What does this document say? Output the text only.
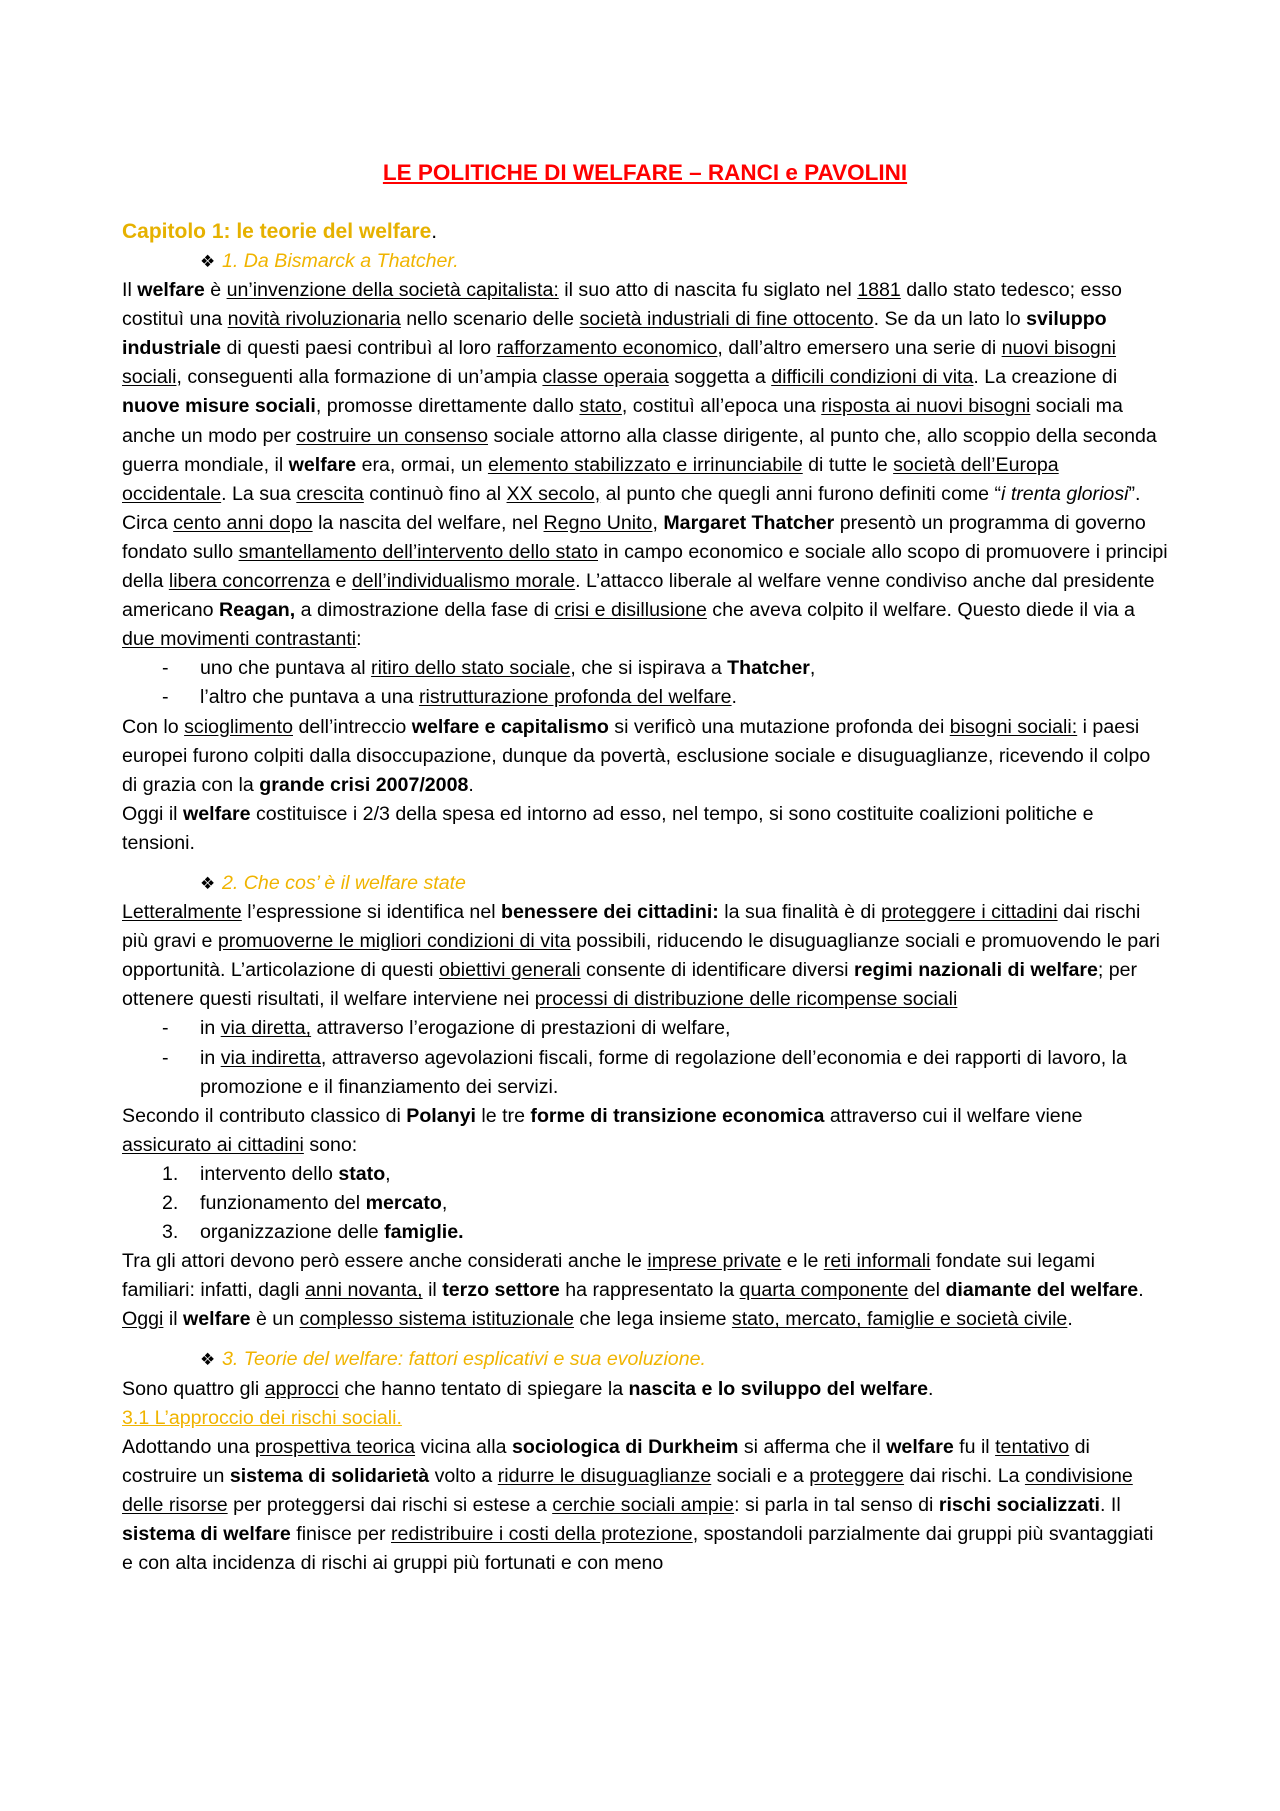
LE POLITICHE DI WELFARE – RANCI e PAVOLINI
Capitolo 1: le teorie del welfare.
❖ 1. Da Bismarck a Thatcher.

Il welfare è un’invenzione della società capitalista: il suo atto di nascita fu siglato nel 1881 dallo stato tedesco; esso costituì una novità rivoluzionaria nello scenario delle società industriali di fine ottocento. Se da un lato lo sviluppo industriale di questi paesi contribuì al loro rafforzamento economico, dall’altro emersero una serie di nuovi bisogni sociali, conseguenti alla formazione di un’ampia classe operaia soggetta a difficili condizioni di vita. La creazione di nuove misure sociali, promosse direttamente dallo stato, costituì all’epoca una risposta ai nuovi bisogni sociali ma anche un modo per costruire un consenso sociale attorno alla classe dirigente, al punto che, allo scoppio della seconda guerra mondiale, il welfare era, ormai, un elemento stabilizzato e irrinunciabile di tutte le società dell’Europa occidentale. La sua crescita continuò fino al XX secolo, al punto che quegli anni furono definiti come “i trenta gloriosi”.

Circa cento anni dopo la nascita del welfare, nel Regno Unito, Margaret Thatcher presentò un programma di governo fondato sullo smantellamento dell’intervento dello stato in campo economico e sociale allo scopo di promuovere i principi della libera concorrenza e dell’individualismo morale. L’attacco liberale al welfare venne condiviso anche dal presidente americano Reagan, a dimostrazione della fase di crisi e disillusione che aveva colpito il welfare. Questo diede il via a due movimenti contrastanti:

- uno che puntava al ritiro dello stato sociale, che si ispirava a Thatcher,
- l’altro che puntava a una ristrutturazione profonda del welfare.

Con lo scioglimento dell’intreccio welfare e capitalismo si verificò una mutazione profonda dei bisogni sociali: i paesi europei furono colpiti dalla disoccupazione, dunque da povertà, esclusione sociale e disuguaglianze, ricevendo il colpo di grazia con la grande crisi 2007/2008.

Oggi il welfare costituisce i 2/3 della spesa ed intorno ad esso, nel tempo, si sono costituite coalizioni politiche e tensioni.

❖ 2. Che cos’ è il welfare state

Letteralmente l’espressione si identifica nel benessere dei cittadini: la sua finalità è di proteggere i cittadini dai rischi più gravi e promuoverne le migliori condizioni di vita possibili, riducendo le disuguaglianze sociali e promuovendo le pari opportunità. L’articolazione di questi obiettivi generali consente di identificare diversi regimi nazionali di welfare; per ottenere questi risultati, il welfare interviene nei processi di distribuzione delle ricompense sociali

- in via diretta, attraverso l’erogazione di prestazioni di welfare,
- in via indiretta, attraverso agevolazioni fiscali, forme di regolazione dell’economia e dei rapporti di lavoro, la promozione e il finanziamento dei servizi.

Secondo il contributo classico di Polanyi le tre forme di transizione economica attraverso cui il welfare viene assicurato ai cittadini sono:

1. intervento dello stato,
2. funzionamento del mercato,
3. organizzazione delle famiglie.

Tra gli attori devono però essere anche considerati anche le imprese private e le reti informali fondate sui legami familiari: infatti, dagli anni novanta, il terzo settore ha rappresentato la quarta componente del diamante del welfare. Oggi il welfare è un complesso sistema istituzionale che lega insieme stato, mercato, famiglie e società civile.

❖ 3. Teorie del welfare: fattori esplicativi e sua evoluzione.

Sono quattro gli approcci che hanno tentato di spiegare la nascita e lo sviluppo del welfare.

3.1 L’approccio dei rischi sociali.

Adottando una prospettiva teorica vicina alla sociologica di Durkheim si afferma che il welfare fu il tentativo di costruire un sistema di solidarietà volto a ridurre le disuguaglianze sociali e a proteggere dai rischi. La condivisione delle risorse per proteggersi dai rischi si estese a cerchie sociali ampie: si parla in tal senso di rischi socializzati. Il sistema di welfare finisce per redistribuire i costi della protezione, spostandoli parzialmente dai gruppi più svantaggiati e con alta incidenza di rischi ai gruppi più fortunati e con meno
